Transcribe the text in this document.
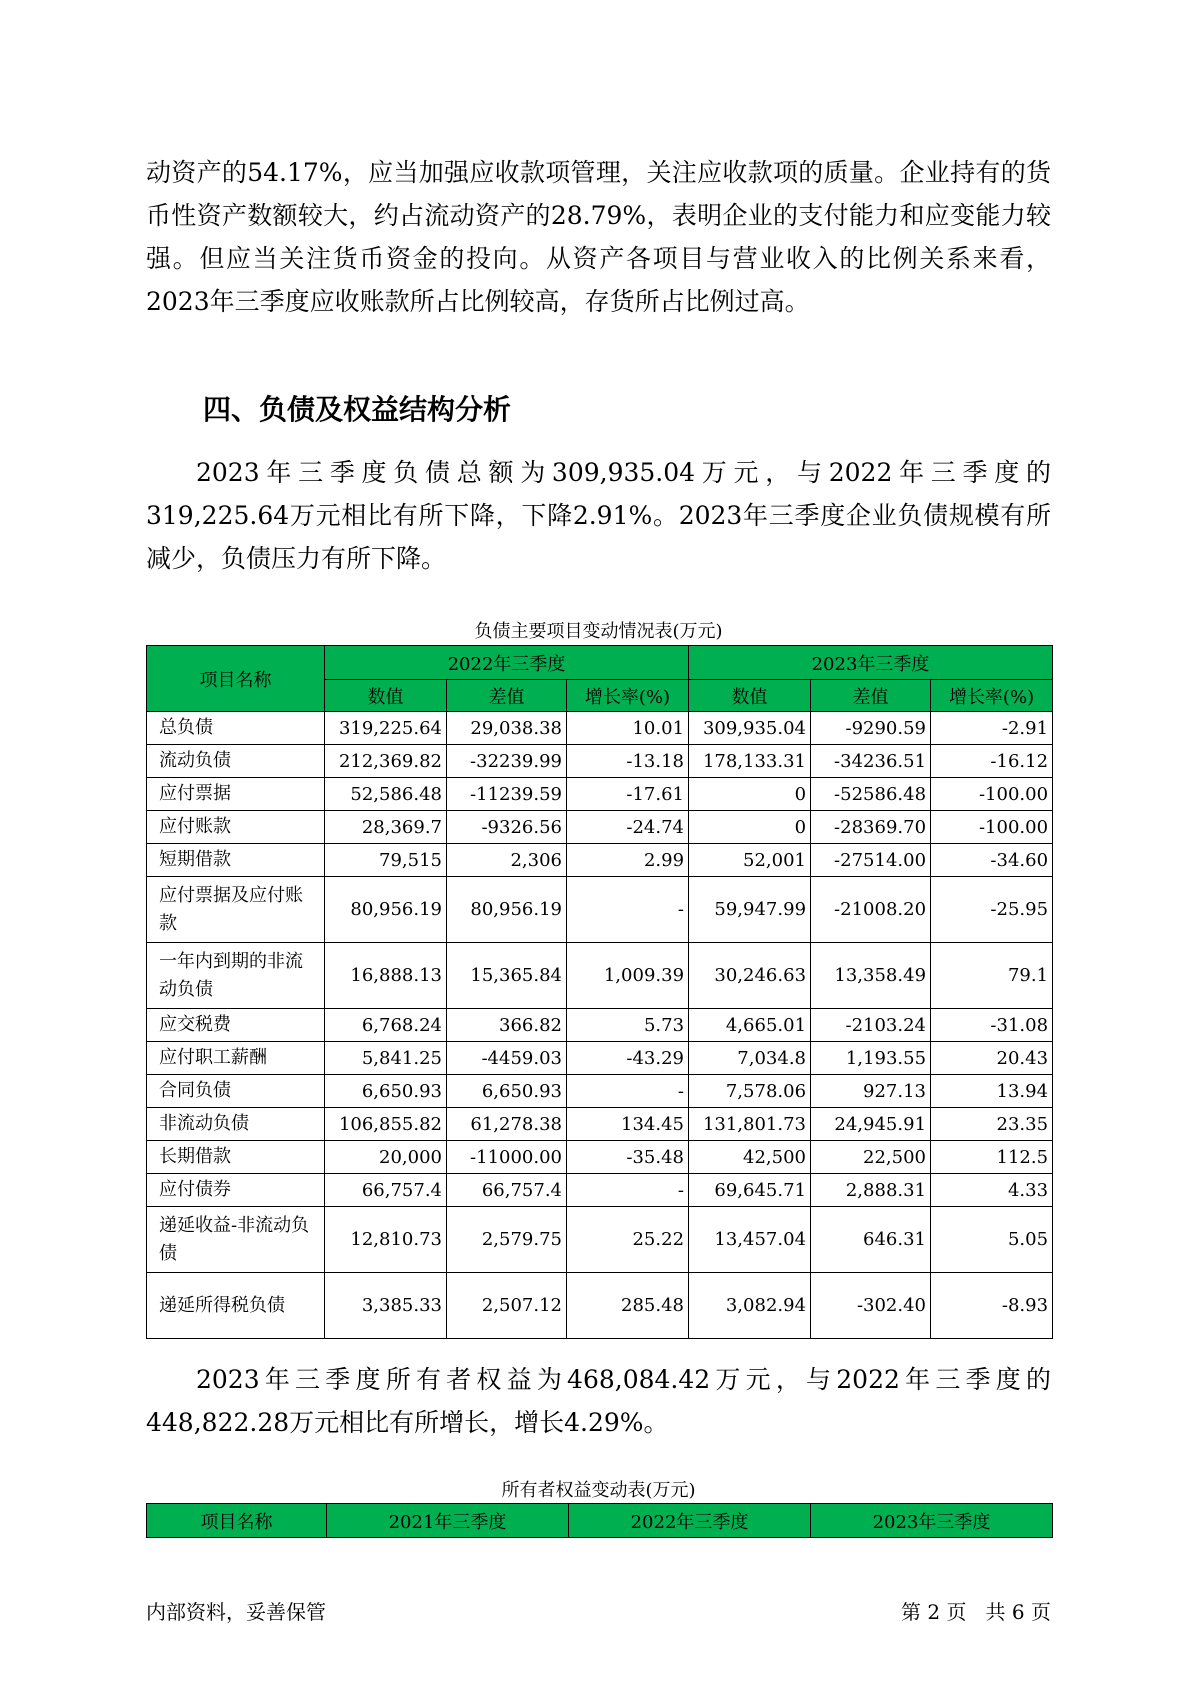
动资产的54.17%，应当加强应收款项管理，关注应收款项的质量。企业持有的货币性资产数额较大，约占流动资产的28.79%，表明企业的支付能力和应变能力较强。但应当关注货币资金的投向。从资产各项目与营业收入的比例关系来看，2023年三季度应收账款所占比例较高，存货所占比例过高。

四、负债及权益结构分析

2023年三季度负债总额为309,935.04万元，与2022年三季度的319,225.64万元相比有所下降，下降2.91%。2023年三季度企业负债规模有所减少，负债压力有所下降。

负债主要项目变动情况表(万元)

项目名称	2022年三季度			2023年三季度		
	数值	差值	增长率(%)	数值	差值	增长率(%)
总负债	319,225.64	29,038.38	10.01	309,935.04	-9290.59	-2.91
流动负债	212,369.82	-32239.99	-13.18	178,133.31	-34236.51	-16.12
应付票据	52,586.48	-11239.59	-17.61	0	-52586.48	-100.00
应付账款	28,369.7	-9326.56	-24.74	0	-28369.70	-100.00
短期借款	79,515	2,306	2.99	52,001	-27514.00	-34.60
应付票据及应付账款	80,956.19	80,956.19	-	59,947.99	-21008.20	-25.95
一年内到期的非流动负债	16,888.13	15,365.84	1,009.39	30,246.63	13,358.49	79.1
应交税费	6,768.24	366.82	5.73	4,665.01	-2103.24	-31.08
应付职工薪酬	5,841.25	-4459.03	-43.29	7,034.8	1,193.55	20.43
合同负债	6,650.93	6,650.93	-	7,578.06	927.13	13.94
非流动负债	106,855.82	61,278.38	134.45	131,801.73	24,945.91	23.35
长期借款	20,000	-11000.00	-35.48	42,500	22,500	112.5
应付债券	66,757.4	66,757.4	-	69,645.71	2,888.31	4.33
递延收益-非流动负债	12,810.73	2,579.75	25.22	13,457.04	646.31	5.05
递延所得税负债	3,385.33	2,507.12	285.48	3,082.94	-302.40	-8.93

2023年三季度所有者权益为468,084.42万元，与2022年三季度的448,822.28万元相比有所增长，增长4.29%。

所有者权益变动表(万元)

项目名称	2021年三季度	2022年三季度	2023年三季度

内部资料，妥善保管	第 2 页   共 6 页
